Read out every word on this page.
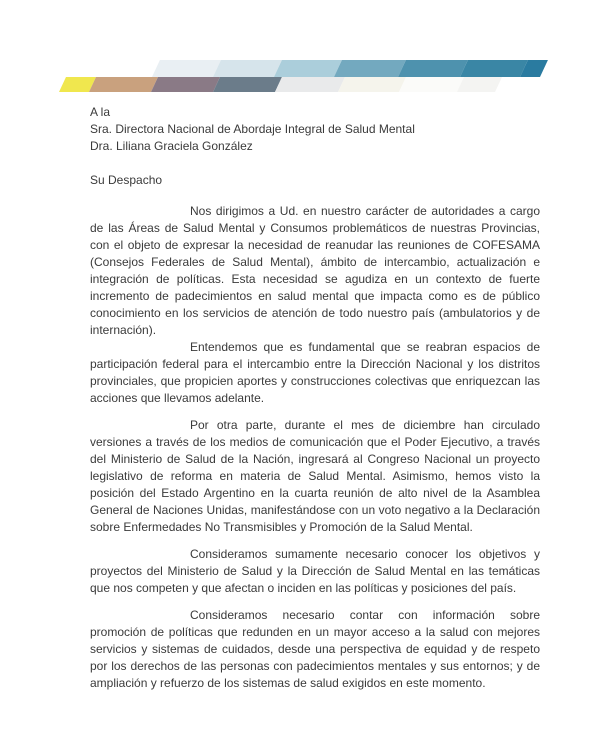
A la
Sra. Directora Nacional de Abordaje Integral de Salud Mental
Dra. Liliana Graciela González
Su Despacho

Nos dirigimos a Ud. en nuestro carácter de autoridades a cargo de las Áreas de Salud Mental y Consumos problemáticos de nuestras Provincias, con el objeto de expresar la necesidad de reanudar las reuniones de COFESAMA (Consejos Federales de Salud Mental), ámbito de intercambio, actualización e integración de políticas. Esta necesidad se agudiza en un contexto de fuerte incremento de padecimientos en salud mental que impacta como es de público conocimiento en los servicios de atención de todo nuestro país (ambulatorios y de internación).

Entendemos que es fundamental que se reabran espacios de participación federal para el intercambio entre la Dirección Nacional y los distritos provinciales, que propicien aportes y construcciones colectivas que enriquezcan las acciones que llevamos adelante.

Por otra parte, durante el mes de diciembre han circulado versiones a través de los medios de comunicación que el Poder Ejecutivo, a través del Ministerio de Salud de la Nación, ingresará al Congreso Nacional un proyecto legislativo de reforma en materia de Salud Mental. Asimismo, hemos visto la posición del Estado Argentino en la cuarta reunión de alto nivel de la Asamblea General de Naciones Unidas, manifestándose con un voto negativo a la Declaración sobre Enfermedades No Transmisibles y Promoción de la Salud Mental.

Consideramos sumamente necesario conocer los objetivos y proyectos del Ministerio de Salud y la Dirección de Salud Mental en las temáticas que nos competen y que afectan o inciden en las políticas y posiciones del país.

Consideramos necesario contar con información sobre promoción de políticas que redunden en un mayor acceso a la salud con mejores servicios y sistemas de cuidados, desde una perspectiva de equidad y de respeto por los derechos de las personas con padecimientos mentales y sus entornos; y de ampliación y refuerzo de los sistemas de salud exigidos en este momento.
